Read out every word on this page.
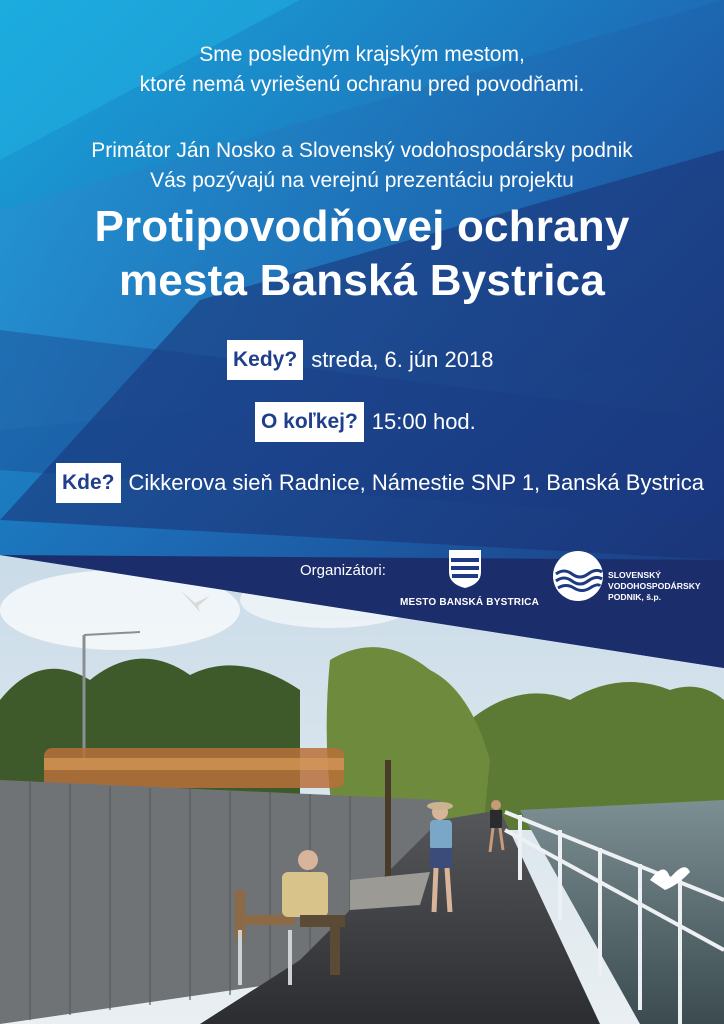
Sme posledným krajským mestom,
ktoré nemá vyriešenú ochranu pred povodňami.
Primátor Ján Nosko a Slovenský vodohospodársky podnik
Vás pozývajú na verejnú prezentáciu projektu
Protipovodňovej ochrany
mesta Banská Bystrica
Kedy? streda, 6. jún 2018
O koľkej? 15:00 hod.
Kde? Cikkerova sieň Radnice, Námestie SNP 1, Banská Bystrica
Organizátori:
MESTO BANSKÁ BYSTRICA
SLOVENSKÝ
VODOHOSPODÁRSKY
PODNIK, š.p.
